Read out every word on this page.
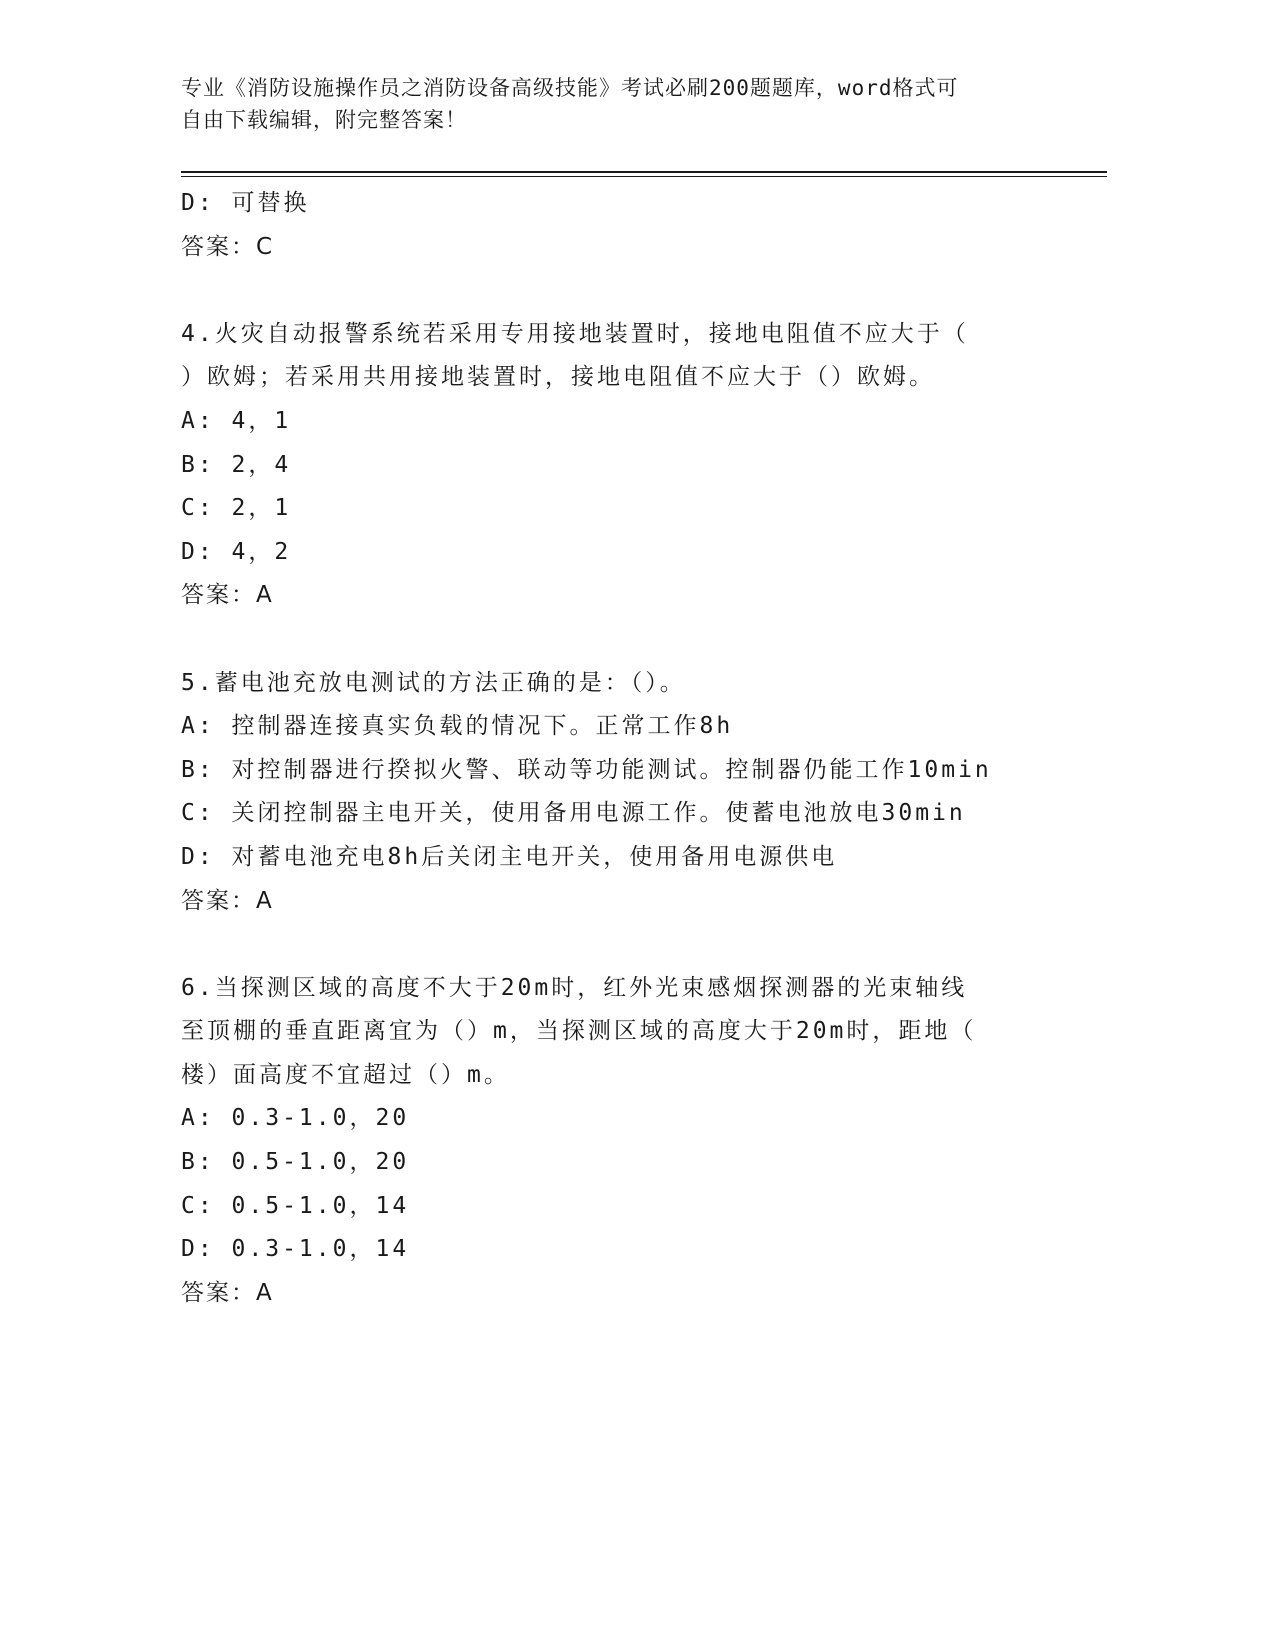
专业《消防设施操作员之消防设备高级技能》考试必刷200题题库，word格式可
自由下载编辑，附完整答案！
D: 可替换
答案：C
4.火灾自动报警系统若采用专用接地装置时，接地电阻值不应大于（
）欧姆；若采用共用接地装置时，接地电阻值不应大于（）欧姆。
A: 4，1
B: 2，4
C: 2，1
D: 4，2
答案：A
5.蓄电池充放电测试的方法正确的是：（）。
A: 控制器连接真实负载的情况下。正常工作8h
B: 对控制器进行揆拟火警、联动等功能测试。控制器仍能工作10min
C: 关闭控制器主电开关，使用备用电源工作。使蓄电池放电30min
D: 对蓄电池充电8h后关闭主电开关，使用备用电源供电
答案：A
6.当探测区域的高度不大于20m时，红外光束感烟探测器的光束轴线
至顶棚的垂直距离宜为（）m，当探测区域的高度大于20m时，距地（
楼）面高度不宜超过（）m。
A: 0.3-1.0，20
B: 0.5-1.0，20
C: 0.5-1.0，14
D: 0.3-1.0，14
答案：A
